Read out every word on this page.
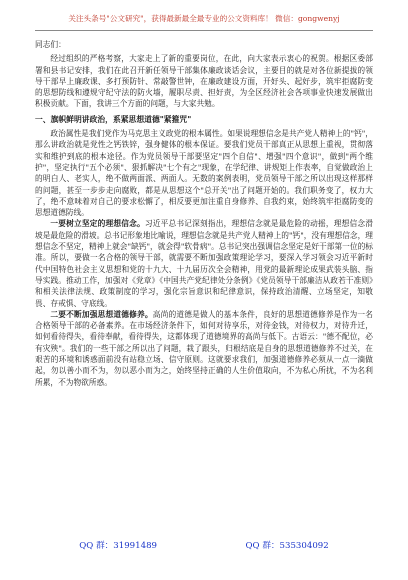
关注头条号"公文研究"，获得最新最全最专业的公文资料库！ 微信：gongwenyj

同志们：

经过组织的严格考察，大家走上了新的重要岗位，在此，向大家表示衷心的祝贺。根据区委部署和县书记安排，我们在此召开新任领导干部集体廉政谈话会议，主要目的就是对各位新提拔的领导干部早上廉政课、多打预防针、常敲警世钟，在廉政建设方面，开好头、起好步，筑牢拒腐防变的思想防线和遵规守纪守法的防火墙，履职尽责、担好责，为全区经济社会各项事业快速发展做出积极贡献。下面，我讲三个方面的问题，与大家共勉。

一、旗帜鲜明讲政治，系紧思想道德"紧箍咒"

政治属性是我们党作为马克思主义政党的根本属性。如果说理想信念是共产党人精神上的"钙"，那么讲政治就是党性之钙铁锌，强身健体的根本保证。要我们党员干部真正从思想上重视，贯彻落实和维护到底的根本途径。作为党员领导干部要坚定"四个自信"、增强"四个意识"，做到"两个维护"，坚定执行"五个必须"、狠抓解决"七个有之"现象，在学纪律、讲规矩上作表率，自觉做政治上的明白人、老实人，绝不做两面派、两面人。无数的案例表明，党员领导干部之所以出现这样那样的问题，甚至一步步走向腐败，都是从思想这个"总开关"出了问题开始的。我们职务变了，权力大了，绝不意味着对自己的要求松懈了，相反要更加注重自身修养、自我约束，始终筑牢拒腐防变的思想道德防线。

一要树立坚定的理想信念。习近平总书记深刻指出，理想信念就是最危险的动摇，理想信念滑坡是最危险的滑坡。总书记形象地比喻说，理想信念就是共产党人精神上的"钙"，没有理想信念，理想信念不坚定，精神上就会"缺钙"，就会得"软骨病"。总书记突出强调信念坚定是好干部第一位的标准。所以，要做一名合格的领导干部，就需要不断加强政策理论学习，要深入学习领会习近平新时代中国特色社会主义思想和党的十九大、十九届历次全会精神，用党的最新理论成果武装头脑、指导实践。推动工作，加强对《党章》《中国共产党纪律处分条例》《党员领导干部廉洁从政若干准则》和相关法律法规、政策制度的学习，强化宗旨意识和纪律意识，保持政治清醒、立场坚定，知敬畏、存戒惧、守底线。

二要不断加强思想道德修养。高尚的道德是做人的基本条件，良好的思想道德修养是作为一名合格领导干部的必备素养。在市场经济条件下，如何对待享乐，对待金钱，对待权力，对待升迁，如何看待得失，看待奉献，看待得失，这都体现了道德境界的高尚与低下。古语云："德不配位，必有灾殃"。我们的一些干部之所以出了问题，栽了跟头，归根结底是自身的思想道德修养不过关，在艰苦的环境和诱惑面前没有站稳立场、信守原则。这就要求我们，加强道德修养必须从一点一滴做起，勿以善小而不为，勿以恶小而为之，始终坚持正确的人生价值取向，不为私心所扰，不为名利所累，不为物欲所惑。

QQ 群：31991489	QQ 群：535304092
